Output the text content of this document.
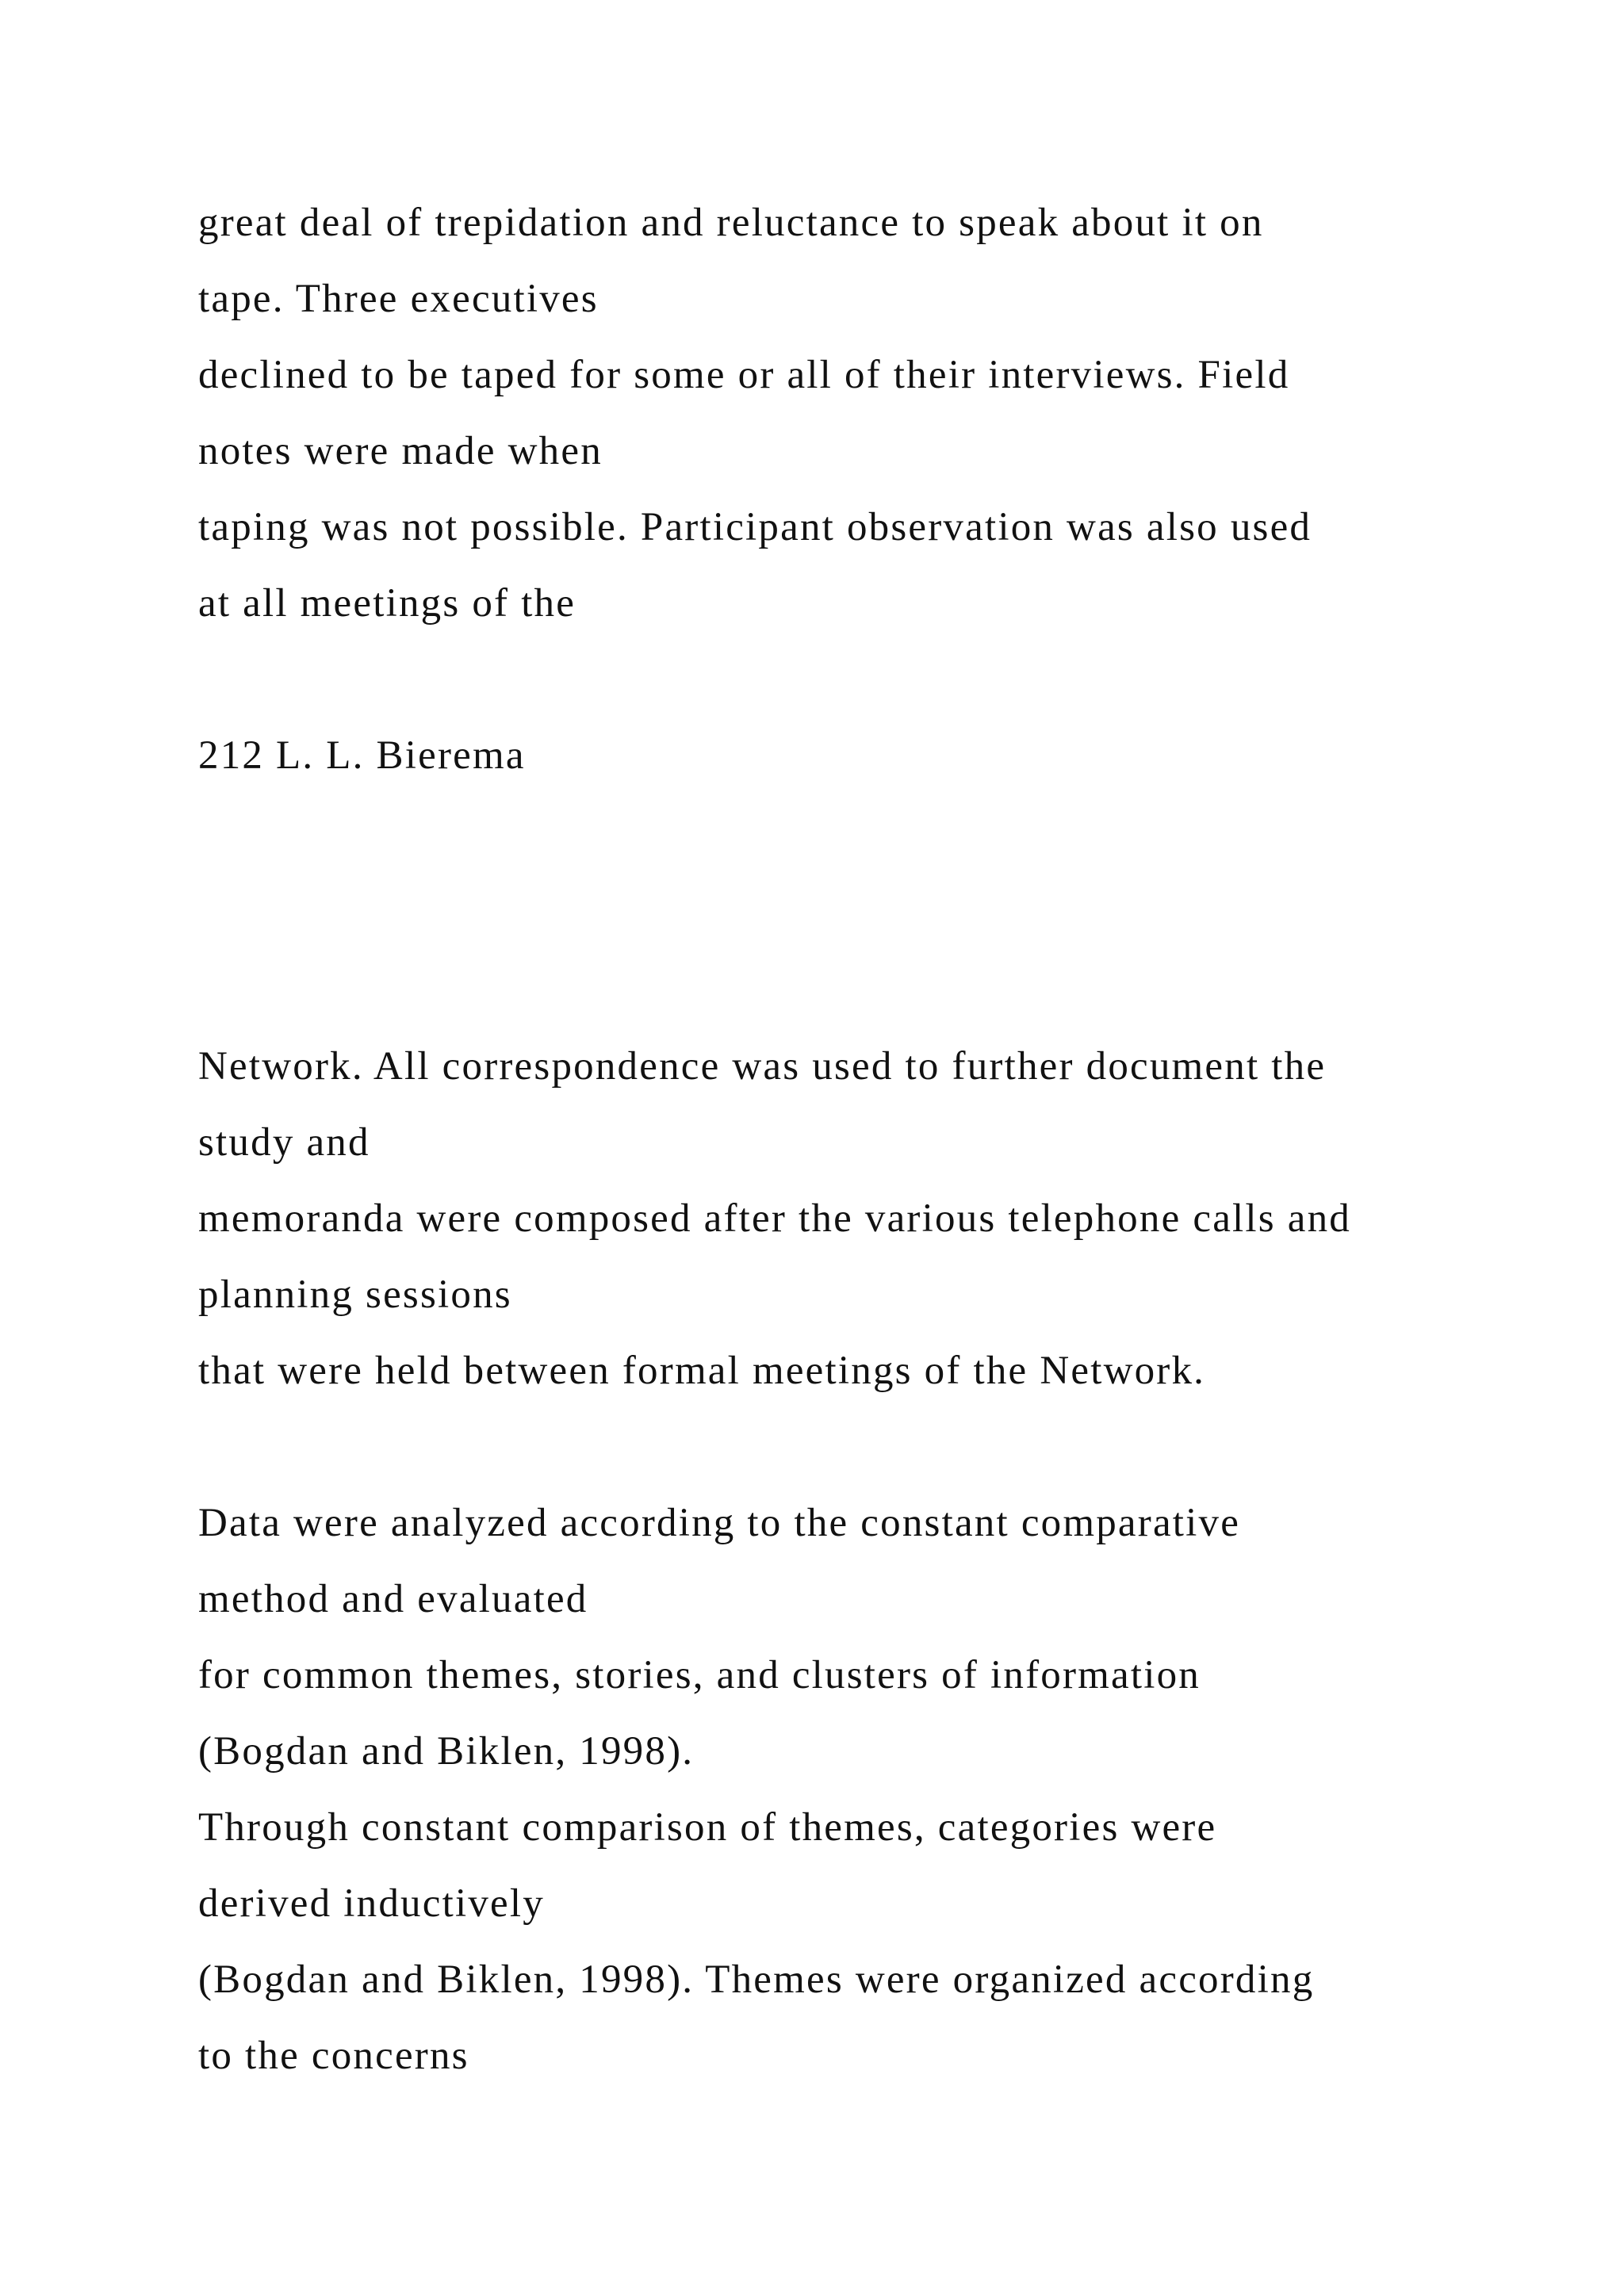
great deal of trepidation and reluctance to speak about it on
tape. Three executives
declined to be taped for some or all of their interviews. Field
notes were made when
taping was not possible. Participant observation was also used
at all meetings of the
212 L. L. Bierema
Network. All correspondence was used to further document the
study and
memoranda were composed after the various telephone calls and
planning sessions
that were held between formal meetings of the Network.
Data were analyzed according to the constant comparative
method and evaluated
for common themes, stories, and clusters of information
(Bogdan and Biklen, 1998).
Through constant comparison of themes, categories were
derived inductively
(Bogdan and Biklen, 1998). Themes were organized according
to the concerns
